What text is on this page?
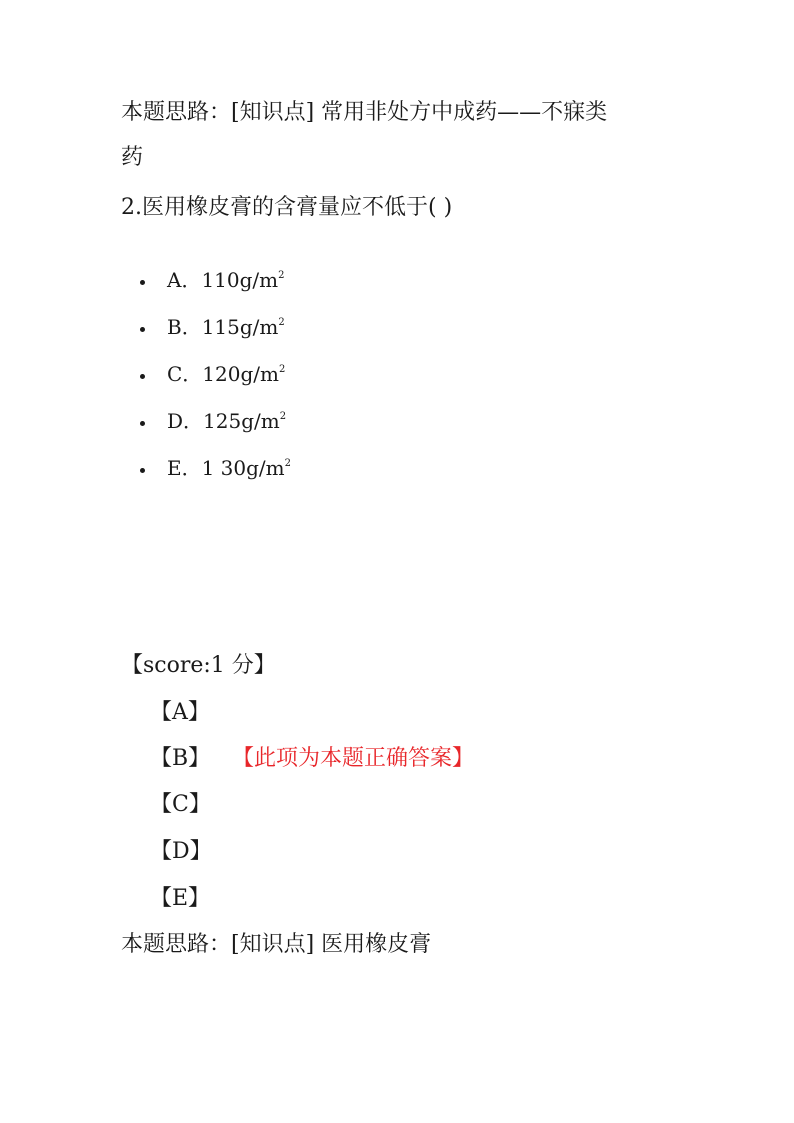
本题思路：[知识点] 常用非处方中成药——不寐类
药
2.医用橡皮膏的含膏量应不低于( )
A．110g/m 2
B．115g/m 2
C．120g/m 2
D．125g/m 2
E．1 30g/m 2
【score:1 分】
【A】
【B】 【此项为本题正确答案】
【C】
【D】
【E】
本题思路：[知识点] 医用橡皮膏
